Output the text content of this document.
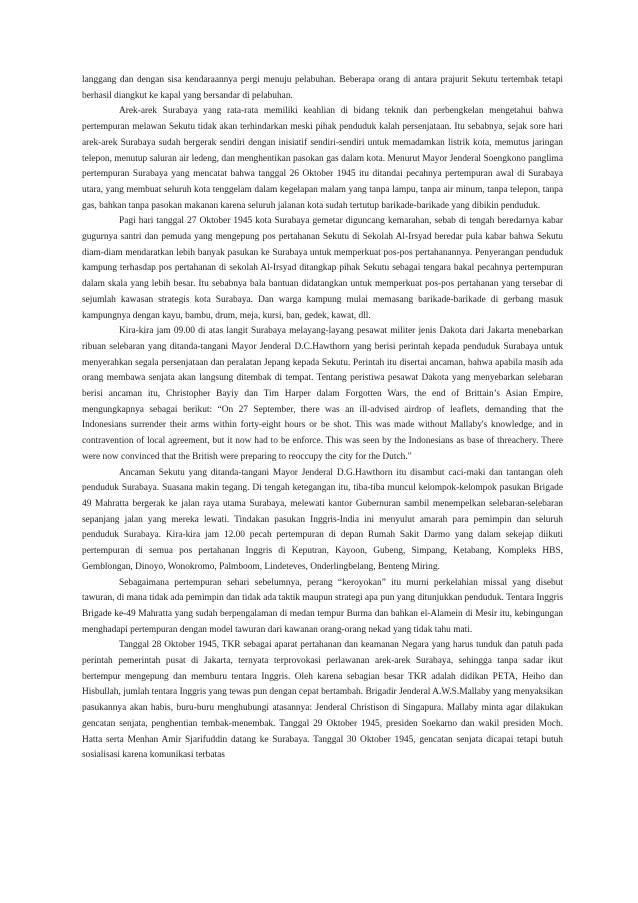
langgang dan dengan sisa kendaraannya pergi menuju pelabuhan. Beberapa orang di antara prajurit Sekutu tertembak tetapi berhasil diangkut ke kapal yang bersandar di pelabuhan.

Arek-arek Surabaya yang rata-rata memiliki keahlian di bidang teknik dan perbengkelan mengetahui bahwa pertempuran melawan Sekutu tidak akan terhindarkan meski pihak penduduk kalah persenjataan. Itu sebabnya, sejak sore hari arek-arek Surabaya sudah bergerak sendiri dengan inisiatif sendiri-sendiri untuk memadamkan listrik kota, memutus jaringan telepon, menutup saluran air ledeng, dan menghentikan pasokan gas dalam kota. Menurut Mayor Jenderal Soengkono panglima pertempuran Surabaya yang mencatat bahwa tanggal 26 Oktober 1945 itu ditandai pecahnya pertempuran awal di Surabaya utara, yang membuat seluruh kota tenggelam dalam kegelapan malam yang tanpa lampu, tanpa air minum, tanpa telepon, tanpa gas, bahkan tanpa pasokan makanan karena seluruh jalanan kota sudah tertutup barikade-barikade yang dibikin penduduk.

Pagi hari tanggal 27 Oktober 1945 kota Surabaya gemetar diguncang kemarahan, sebab di tengah beredarnya kabar gugurnya santri dan pemuda yang mengepung pos pertahanan Sekutu di Sekolah Al-Irsyad beredar pula kabar bahwa Sekutu diam-diam mendaratkan lebih banyak pasukan ke Surabaya untuk memperkuat pos-pos pertahanannya. Penyerangan penduduk kampung terhasdap pos pertahanan di sekolah Al-Irsyad ditangkap pihak Sekutu sebagai tengara bakal pecahnya pertempuran dalam skala yang lebih besar. Itu sebabnya bala bantuan didatangkan untuk memperkuat pos-pos pertahanan yang tersebar di sejumlah kawasan strategis kota Surabaya. Dan warga kampung mulai memasang barikade-barikade di gerbang masuk kampungnya dengan kayu, bambu, drum, meja, kursi, ban, gedek, kawat, dll.

Kira-kira jam 09.00 di atas langit Surabaya melayang-layang pesawat militer jenis Dakota dari Jakarta menebarkan ribuan selebaran yang ditanda-tangani Mayor Jenderal D.C.Hawthorn yang berisi perintah kepada penduduk Surabaya untuk menyerahkan segala persenjataan dan peralatan Jepang kepada Sekutu. Perintah itu disertai ancaman, bahwa apabila masih ada orang membawa senjata akan langsung ditembak di tempat. Tentang peristiwa pesawat Dakota yang menyebarkan selebaran berisi ancaman itu, Christopher Bayiy dan Tim Harper dalam Forgotten Wars, the end of Brittain’s Asian Empire, mengungkapnya sebagai berikut: “On 27 September, there was an ill-advised airdrop of leaflets, demanding that the Indonesians surrender their arms within forty-eight hours or be shot. This was made without Mallaby's knowledge, and in contravention of local agreement, but it now had to be enforce. This was seen by the Indonesians as base of threachery. There were now convinced that the British were preparing to reoccupy the city for the Dutch."

Ancaman Sekutu yang ditanda-tangani Mayor Jenderal D.G.Hawthorn itu disambut caci-maki dan tantangan oleh penduduk Surabaya. Suasana makin tegang. Di tengah ketegangan itu, tiba-tiba muncul kelompok-kelompok pasukan Brigade 49 Mahratta bergerak ke jalan raya utama Surabaya, melewati kantor Gubernuran sambil menempelkan selebaran-selebaran sepanjang jalan yang mereka lewati. Tindakan pasukan Inggris-India ini menyulut amarah para pemimpin dan seluruh penduduk Surabaya. Kira-kira jam 12.00 pecah pertempuran di depan Rumah Sakit Darmo yang dalam sekejap diikuti pertempuran di semua pos pertahanan Inggris di Keputran, Kayoon, Gubeng, Simpang, Ketabang, Kompleks HBS, Gemblongan, Dinoyo, Wonokromo, Palmboom, Lindeteves, Onderlingbelang, Benteng Miring.

Sebagaimana pertempuran sehari sebelumnya, perang “keroyokan” itu murni perkelahian missal yang disebut tawuran, di mana tidak ada pemimpin dan tidak ada taktik maupun strategi apa pun yang ditunjukkan penduduk. Tentara Inggris Brigade ke-49 Mahratta yang sudah berpengalaman di medan tempur Burma dan bahkan el-Alamein di Mesir itu, kebingungan menghadapi pertempuran dengan model tawuran dari kawanan orang-orang nekad yang tidak tahu mati.

Tanggal 28 Oktober 1945, TKR sebagai aparat pertahanan dan keamanan Negara yang harus tunduk dan patuh pada perintah pemerintah pusat di Jakarta, ternyata terprovokasi perlawanan arek-arek Surabaya, sehingga tanpa sadar ikut bertempur mengepung dan memburu tentara Inggris. Oleh karena sebagian besar TKR adalah didikan PETA, Heiho dan Hisbullah, jumlah tentara Inggris yang tewas pun dengan cepat bertambah. Brigadir Jenderal A.W.S.Mallaby yang menyaksikan pasukannya akan habis, buru-buru menghubungi atasannya: Jenderal Christison di Singapura. Mallaby minta agar dilakukan gencatan senjata, penghentian tembak-menembak. Tanggal 29 Oktober 1945, presiden Soekarno dan wakil presiden Moch. Hatta serta Menhan Amir Sjarifuddin datang ke Surabaya. Tanggal 30 Oktober 1945, gencatan senjata dicapai tetapi butuh sosialisasi karena komunikasi terbatas
